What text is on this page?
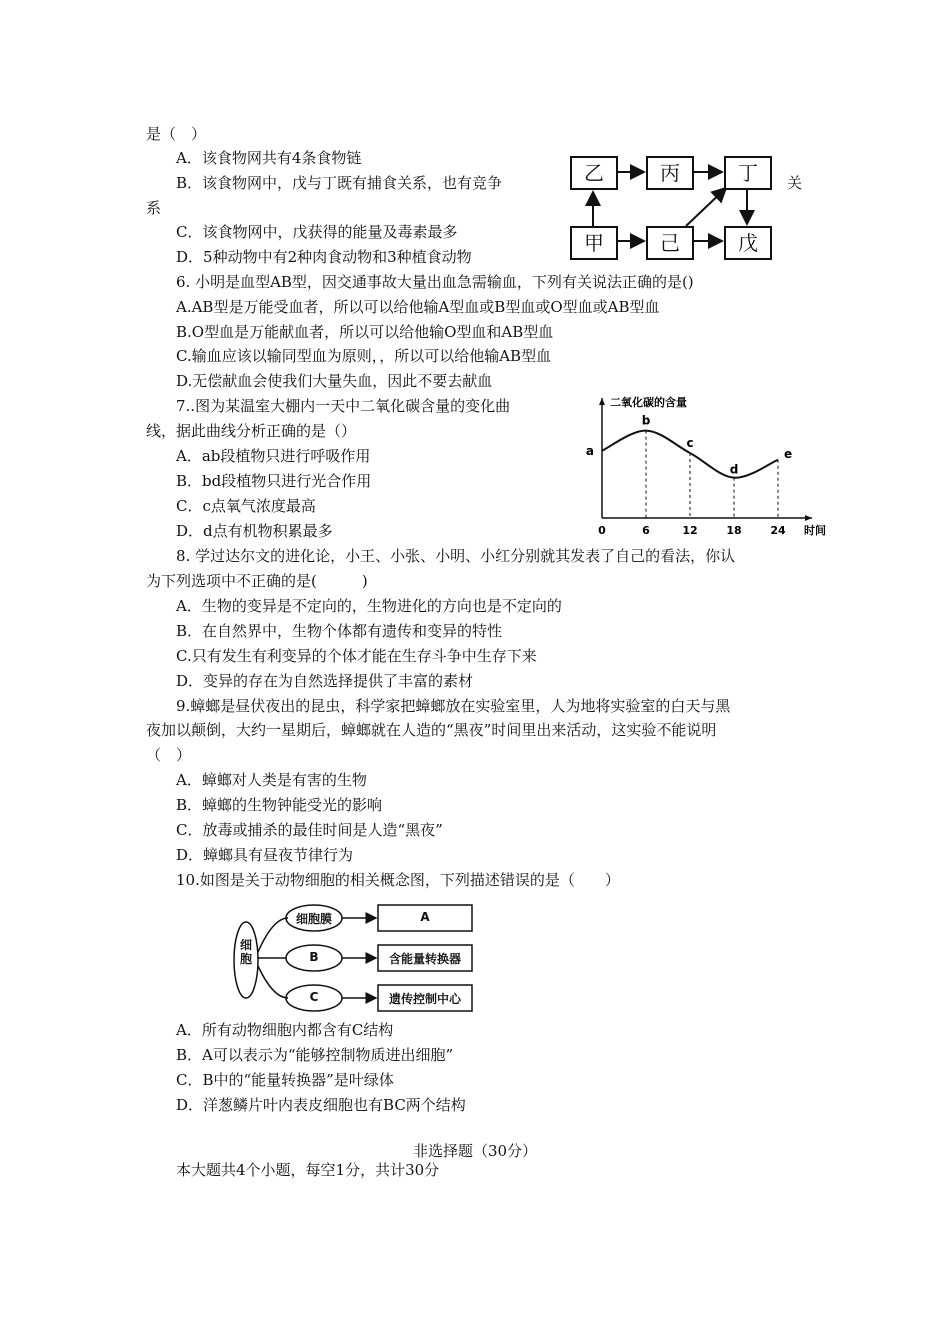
是（　）
A．该食物网共有4条食物链
B．该食物网中，戊与丁既有捕食关系，也有竞争	关
系
C．该食物网中，戊获得的能量及毒素最多
D．5种动物中有2种肉食动物和3种植食动物
6. 小明是血型AB型，因交通事故大量出血急需输血，下列有关说法正确的是()
A.AB型是万能受血者，所以可以给他输A型血或B型血或O型血或AB型血
B.O型血是万能献血者，所以可以给他输O型血和AB型血
C.输血应该以输同型血为原则，，所以可以给他输AB型血
D.无偿献血会使我们大量失血，因此不要去献血
7..图为某温室大棚内一天中二氧化碳含量的变化曲
线，据此曲线分析正确的是（）
A．ab段植物只进行呼吸作用
B．bd段植物只进行光合作用
C．c点氧气浓度最高
D．d点有机物积累最多
8. 学过达尔文的进化论，小王、小张、小明、小红分别就其发表了自己的看法，你认
为下列选项中不正确的是(　　　)
A．生物的变异是不定向的，生物进化的方向也是不定向的
B．在自然界中，生物个体都有遗传和变异的特性
C.只有发生有利变异的个体才能在生存斗争中生存下来
D．变异的存在为自然选择提供了丰富的素材
9.蟑螂是昼伏夜出的昆虫，科学家把蟑螂放在实验室里，人为地将实验室的白天与黑
夜加以颠倒，大约一星期后，蟑螂就在人造的“黑夜”时间里出来活动，这实验不能说明
（　）
A．蟑螂对人类是有害的生物
B．蟑螂的生物钟能受光的影响
C．放毒或捕杀的最佳时间是人造“黑夜”
D．蟑螂具有昼夜节律行为
10.如图是关于动物细胞的相关概念图，下列描述错误的是（　　）
A．所有动物细胞内都含有C结构
B．A可以表示为“能够控制物质进出细胞”
C．B中的“能量转换器”是叶绿体
D．洋葱鳞片叶内表皮细胞也有BC两个结构
非选择题（30分）
本大题共4个小题，每空1分，共计30分
乙	丙	丁
甲	己	戊
二氧化碳的含量
时间
0	6	12	18	24
a
b
c
d
e
细胞
细胞膜
B
C
A
含能量转换器
遗传控制中心
